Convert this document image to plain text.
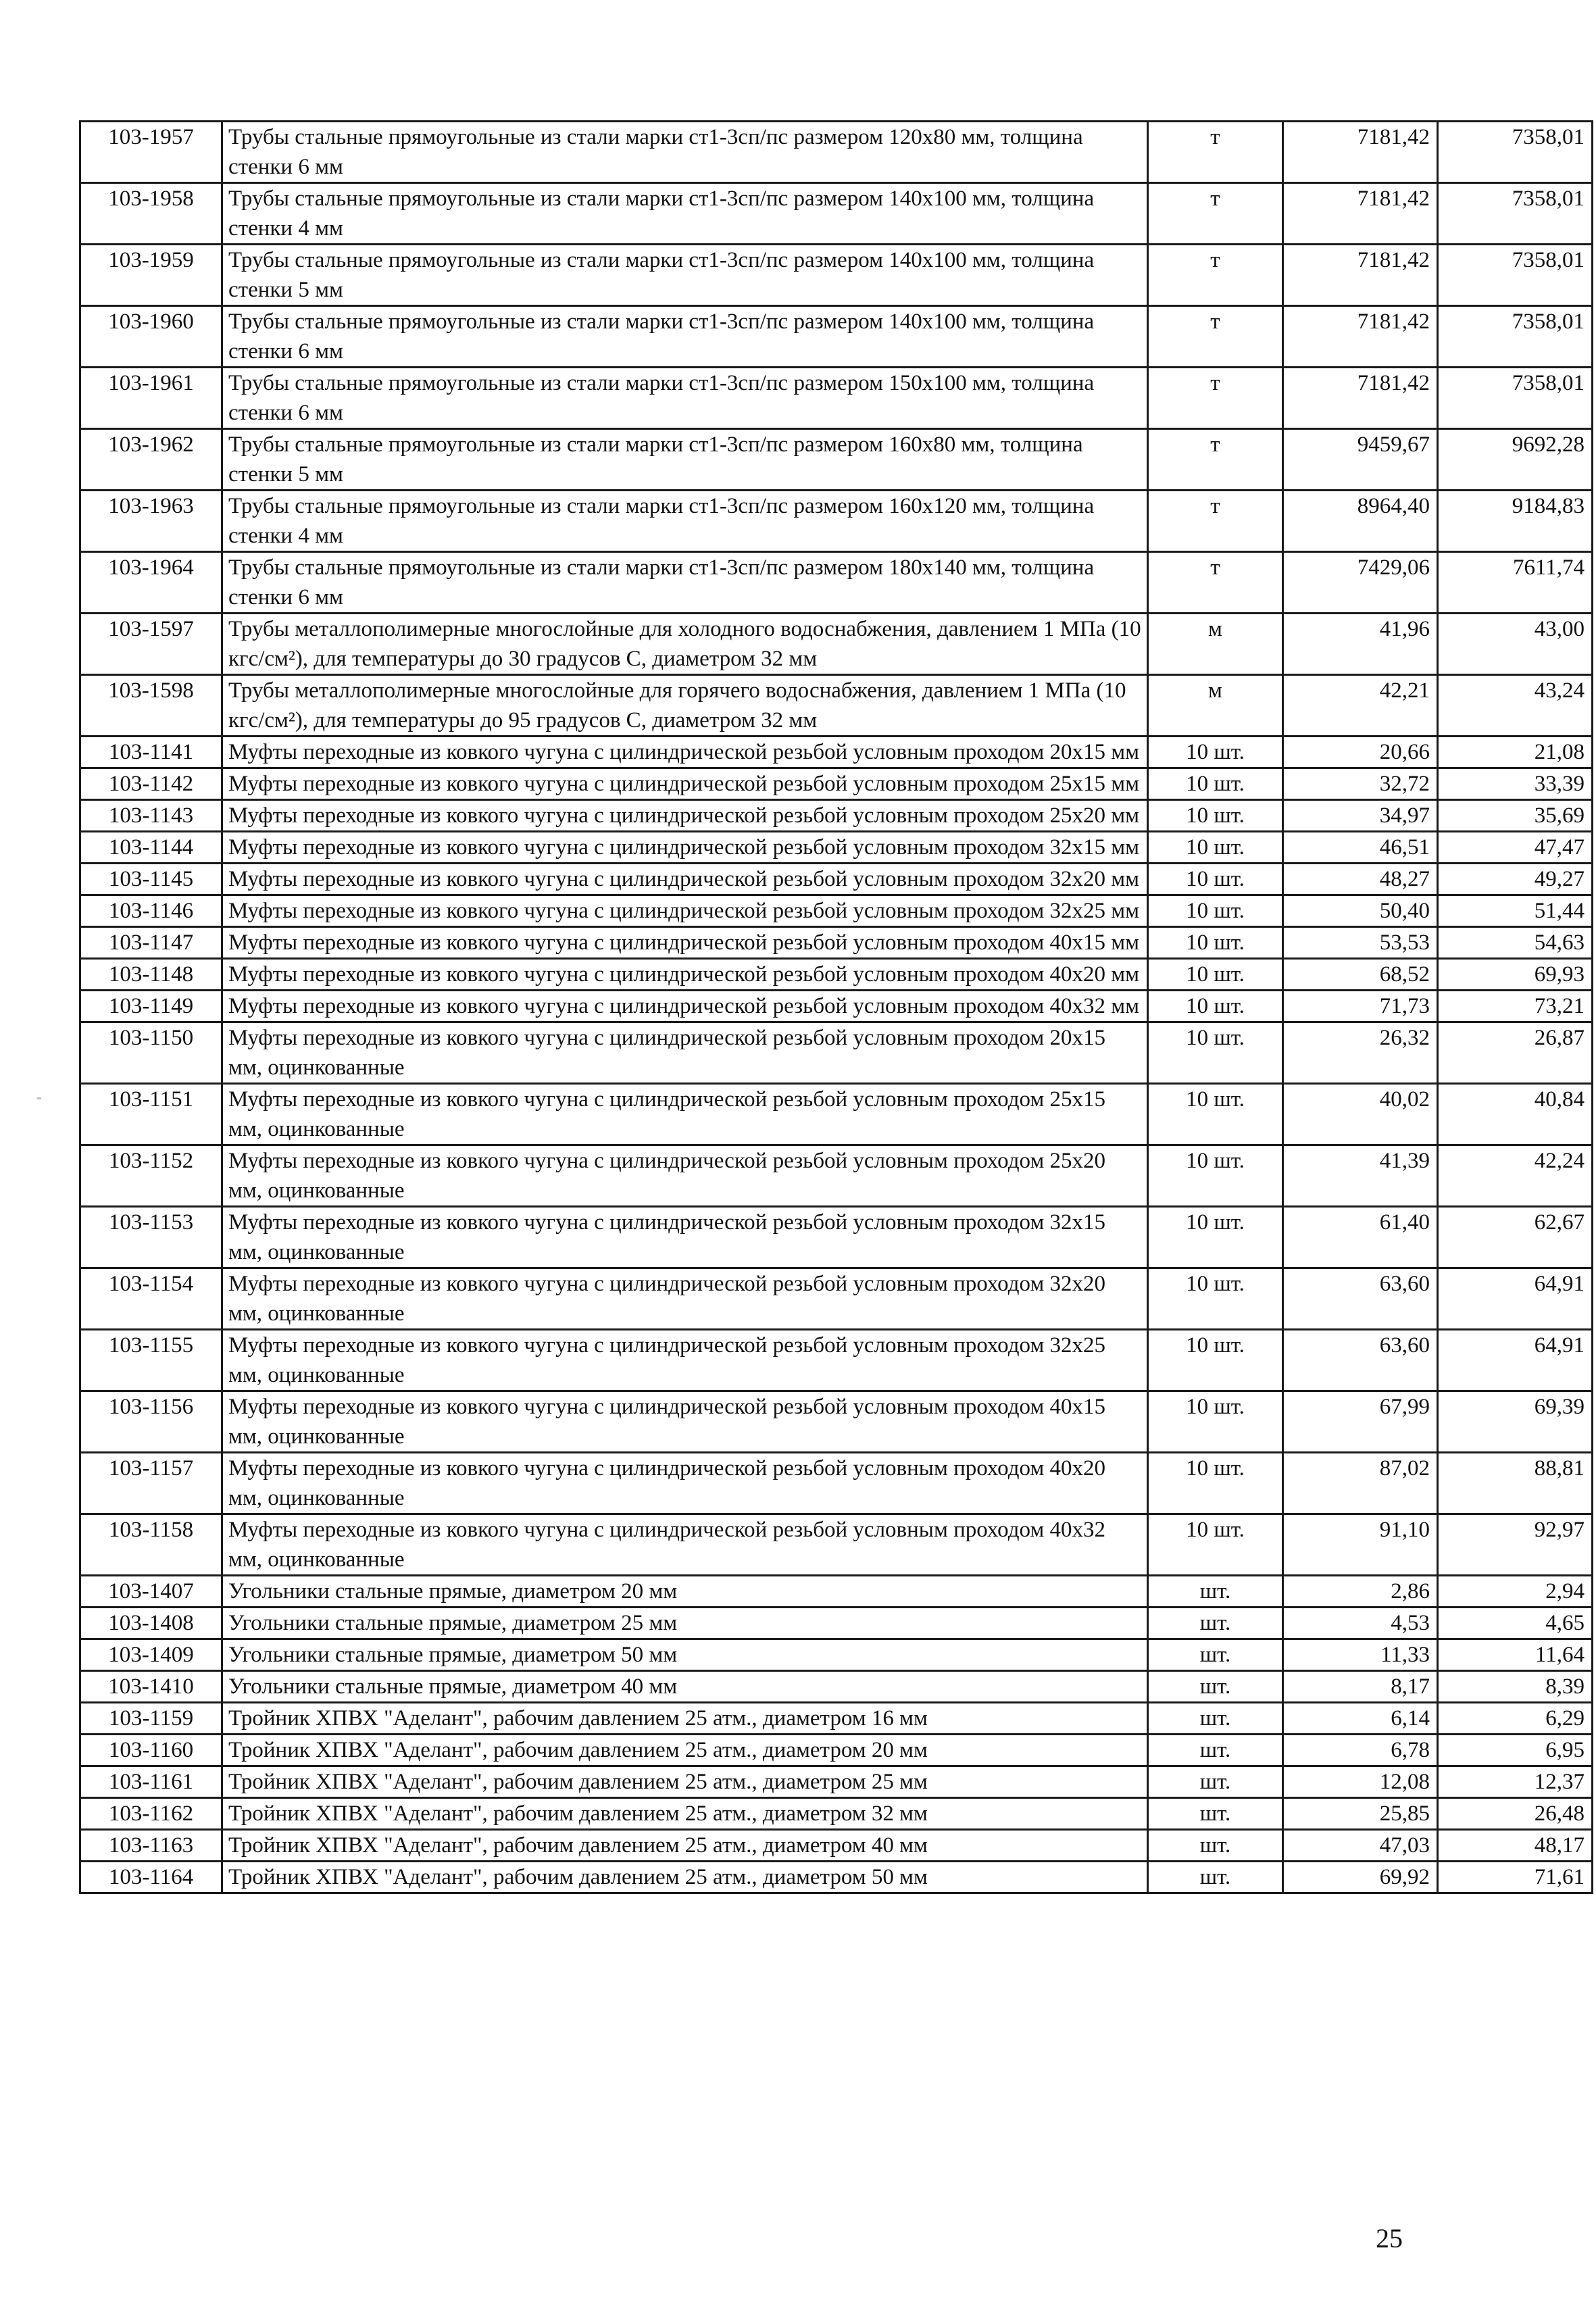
103-1957	Трубы стальные прямоугольные из стали марки ст1-3сп/пс размером 120х80 мм, толщина стенки 6 мм	т	7181,42	7358,01
103-1958	Трубы стальные прямоугольные из стали марки ст1-3сп/пс размером 140х100 мм, толщина стенки 4 мм	т	7181,42	7358,01
103-1959	Трубы стальные прямоугольные из стали марки ст1-3сп/пс размером 140х100 мм, толщина стенки 5 мм	т	7181,42	7358,01
103-1960	Трубы стальные прямоугольные из стали марки ст1-3сп/пс размером 140х100 мм, толщина стенки 6 мм	т	7181,42	7358,01
103-1961	Трубы стальные прямоугольные из стали марки ст1-3сп/пс размером 150х100 мм, толщина стенки 6 мм	т	7181,42	7358,01
103-1962	Трубы стальные прямоугольные из стали марки ст1-3сп/пс размером 160х80 мм, толщина стенки 5 мм	т	9459,67	9692,28
103-1963	Трубы стальные прямоугольные из стали марки ст1-3сп/пс размером 160х120 мм, толщина стенки 4 мм	т	8964,40	9184,83
103-1964	Трубы стальные прямоугольные из стали марки ст1-3сп/пс размером 180х140 мм, толщина стенки 6 мм	т	7429,06	7611,74
103-1597	Трубы металлополимерные многослойные для холодного водоснабжения, давлением 1 МПа (10 кгс/см²), для температуры до 30 градусов С, диаметром 32 мм	м	41,96	43,00
103-1598	Трубы металлополимерные многослойные для горячего водоснабжения, давлением 1 МПа (10 кгс/см²), для температуры до 95 градусов С, диаметром 32 мм	м	42,21	43,24
103-1141	Муфты переходные из ковкого чугуна с цилиндрической резьбой условным проходом 20х15 мм	10 шт.	20,66	21,08
103-1142	Муфты переходные из ковкого чугуна с цилиндрической резьбой условным проходом 25х15 мм	10 шт.	32,72	33,39
103-1143	Муфты переходные из ковкого чугуна с цилиндрической резьбой условным проходом 25х20 мм	10 шт.	34,97	35,69
103-1144	Муфты переходные из ковкого чугуна с цилиндрической резьбой условным проходом 32х15 мм	10 шт.	46,51	47,47
103-1145	Муфты переходные из ковкого чугуна с цилиндрической резьбой условным проходом 32х20 мм	10 шт.	48,27	49,27
103-1146	Муфты переходные из ковкого чугуна с цилиндрической резьбой условным проходом 32х25 мм	10 шт.	50,40	51,44
103-1147	Муфты переходные из ковкого чугуна с цилиндрической резьбой условным проходом 40х15 мм	10 шт.	53,53	54,63
103-1148	Муфты переходные из ковкого чугуна с цилиндрической резьбой условным проходом 40х20 мм	10 шт.	68,52	69,93
103-1149	Муфты переходные из ковкого чугуна с цилиндрической резьбой условным проходом 40х32 мм	10 шт.	71,73	73,21
103-1150	Муфты переходные из ковкого чугуна с цилиндрической резьбой условным проходом 20х15 мм, оцинкованные	10 шт.	26,32	26,87
103-1151	Муфты переходные из ковкого чугуна с цилиндрической резьбой условным проходом 25х15 мм, оцинкованные	10 шт.	40,02	40,84
103-1152	Муфты переходные из ковкого чугуна с цилиндрической резьбой условным проходом 25х20 мм, оцинкованные	10 шт.	41,39	42,24
103-1153	Муфты переходные из ковкого чугуна с цилиндрической резьбой условным проходом 32х15 мм, оцинкованные	10 шт.	61,40	62,67
103-1154	Муфты переходные из ковкого чугуна с цилиндрической резьбой условным проходом 32х20 мм, оцинкованные	10 шт.	63,60	64,91
103-1155	Муфты переходные из ковкого чугуна с цилиндрической резьбой условным проходом 32х25 мм, оцинкованные	10 шт.	63,60	64,91
103-1156	Муфты переходные из ковкого чугуна с цилиндрической резьбой условным проходом 40х15 мм, оцинкованные	10 шт.	67,99	69,39
103-1157	Муфты переходные из ковкого чугуна с цилиндрической резьбой условным проходом 40х20 мм, оцинкованные	10 шт.	87,02	88,81
103-1158	Муфты переходные из ковкого чугуна с цилиндрической резьбой условным проходом 40х32 мм, оцинкованные	10 шт.	91,10	92,97
103-1407	Угольники стальные прямые, диаметром 20 мм	шт.	2,86	2,94
103-1408	Угольники стальные прямые, диаметром 25 мм	шт.	4,53	4,65
103-1409	Угольники стальные прямые, диаметром 50 мм	шт.	11,33	11,64
103-1410	Угольники стальные прямые, диаметром 40 мм	шт.	8,17	8,39
103-1159	Тройник ХПВХ "Аделант", рабочим давлением 25 атм., диаметром 16 мм	шт.	6,14	6,29
103-1160	Тройник ХПВХ "Аделант", рабочим давлением 25 атм., диаметром 20 мм	шт.	6,78	6,95
103-1161	Тройник ХПВХ "Аделант", рабочим давлением 25 атм., диаметром 25 мм	шт.	12,08	12,37
103-1162	Тройник ХПВХ "Аделант", рабочим давлением 25 атм., диаметром 32 мм	шт.	25,85	26,48
103-1163	Тройник ХПВХ "Аделант", рабочим давлением 25 атм., диаметром 40 мм	шт.	47,03	48,17
103-1164	Тройник ХПВХ "Аделант", рабочим давлением 25 атм., диаметром 50 мм	шт.	69,92	71,61
25
